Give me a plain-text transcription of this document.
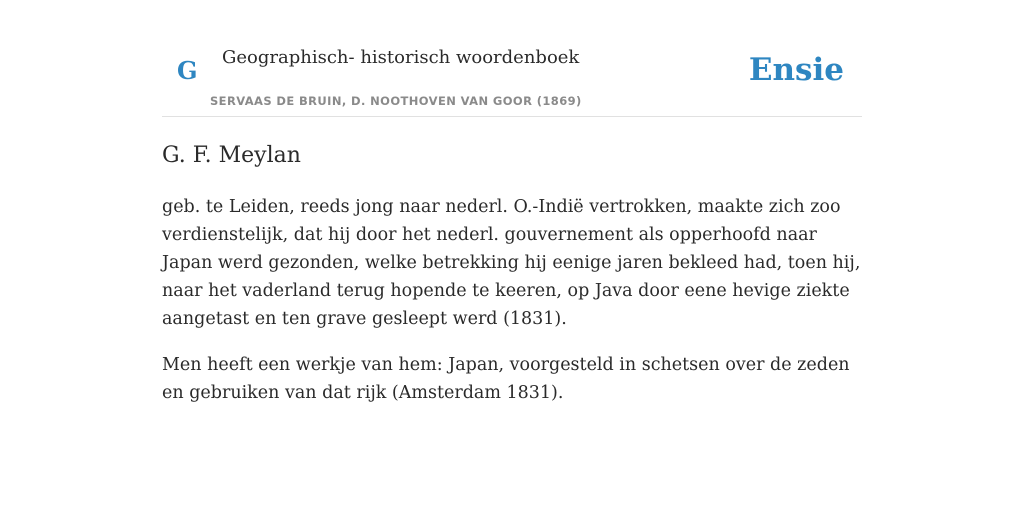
G Geographisch- historisch woordenboek
SERVAAS DE BRUIN, D. NOOTHOVEN VAN GOOR (1869)
Ensie
G. F. Meylan

geb. te Leiden, reeds jong naar nederl. O.-Indië vertrokken, maakte zich zoo verdienstelijk, dat hij door het nederl. gouvernement als opperhoofd naar Japan werd gezonden, welke betrekking hij eenige jaren bekleed had, toen hij, naar het vaderland terug hopende te keeren, op Java door eene hevige ziekte aangetast en ten grave gesleept werd (1831).

Men heeft een werkje van hem: Japan, voorgesteld in schetsen over de zeden en gebruiken van dat rijk (Amsterdam 1831).
